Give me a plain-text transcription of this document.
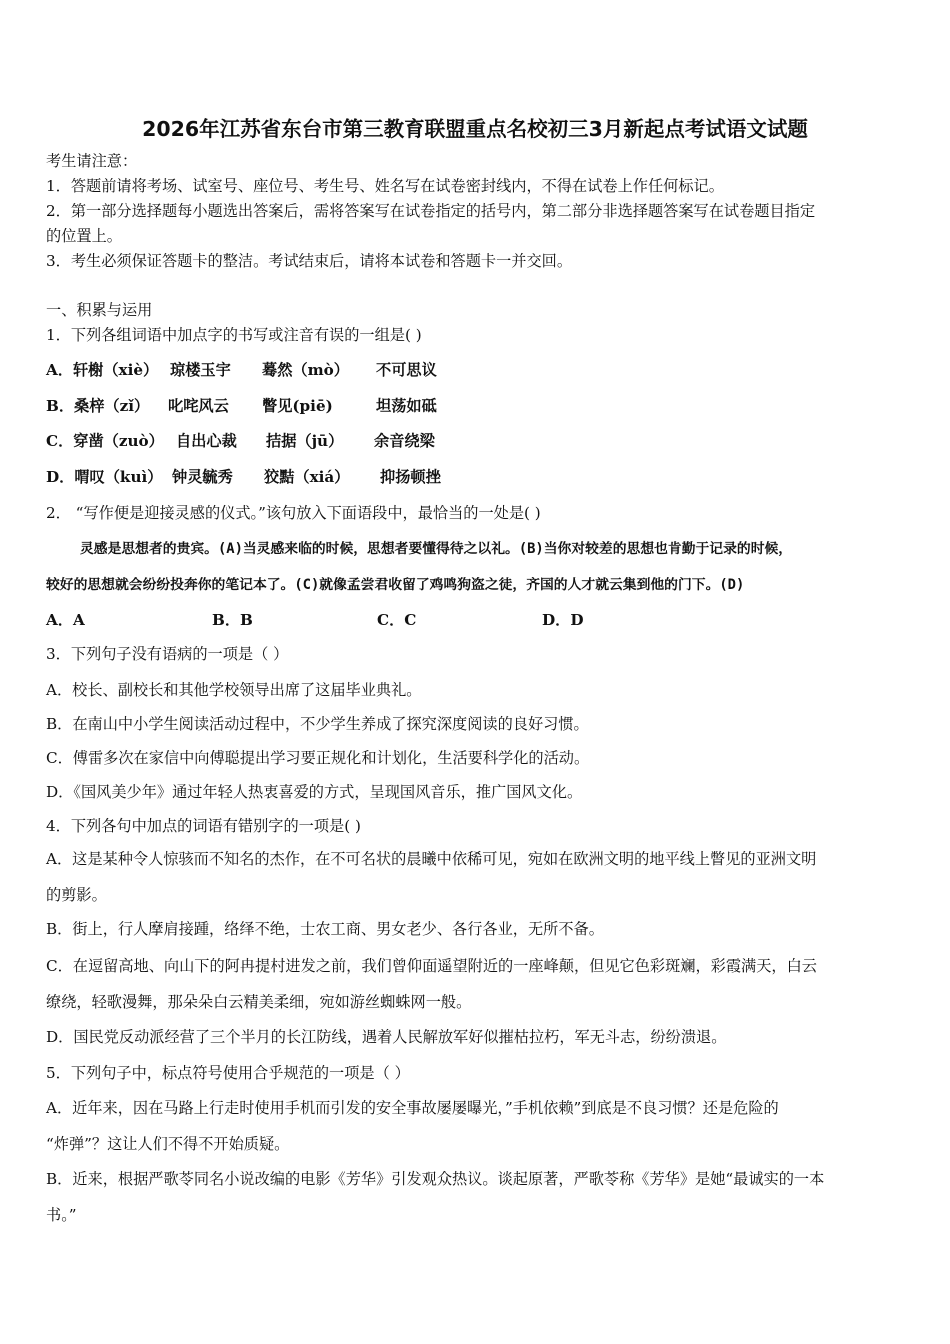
2026年江苏省东台市第三教育联盟重点名校初三3月新起点考试语文试题
考生请注意：
1．答题前请将考场、试室号、座位号、考生号、姓名写在试卷密封线内，不得在试卷上作任何标记。
2．第一部分选择题每小题选出答案后，需将答案写在试卷指定的括号内，第二部分非选择题答案写在试卷题目指定
的位置上。
3．考生必须保证答题卡的整洁。考试结束后，请将本试卷和答题卡一并交回。
一、积累与运用
1．下列各组词语中加点字的书写或注音有误的一组是( )
A．轩榭（xiè） 琼楼玉宇 蓦然（mò） 不可思议
B．桑梓（zǐ） 叱咤风云 瞥见(piē)	坦荡如砥
C．穿凿（zuò） 自出心裁 拮据（jū） 余音绕梁
D．喟叹（kuì） 钟灵毓秀 狡黠（xiá） 抑扬顿挫
2． “写作便是迎接灵感的仪式。”该句放入下面语段中，最恰当的一处是( )
灵感是思想者的贵宾。(A)当灵感来临的时候，思想者要懂得待之以礼。(B)当你对较差的思想也肯勤于记录的时候，
较好的思想就会纷纷投奔你的笔记本了。(C)就像孟尝君收留了鸡鸣狗盗之徒，齐国的人才就云集到他的门下。(D)
A．A	B．B	C．C	D．D
3．下列句子没有语病的一项是（ ）
A．校长、副校长和其他学校领导出席了这届毕业典礼。
B．在南山中小学生阅读活动过程中，不少学生养成了探究深度阅读的良好习惯。
C．傅雷多次在家信中向傅聪提出学习要正规化和计划化，生活要科学化的活动。
D．《国风美少年》通过年轻人热衷喜爱的方式，呈现国风音乐，推广国风文化。
4．下列各句中加点的词语有错别字的一项是( )
A．这是某种令人惊骇而不知名的杰作，在不可名状的晨曦中依稀可见，宛如在欧洲文明的地平线上瞥见的亚洲文明
的剪影。
B．街上，行人摩肩接踵，络绎不绝，士农工商、男女老少、各行各业，无所不备。
C．在逗留高地、向山下的阿冉提村进发之前，我们曾仰面遥望附近的一座峰颠，但见它色彩斑斓，彩霞满天，白云
缭绕，轻歌漫舞，那朵朵白云精美柔细，宛如游丝蜘蛛网一般。
D．国民党反动派经营了三个半月的长江防线，遇着人民解放军好似摧枯拉朽，军无斗志，纷纷溃退。
5．下列句子中，标点符号使用合乎规范的一项是（ ）
A．近年来，因在马路上行走时使用手机而引发的安全事故屡屡曝光，”手机依赖”到底是不良习惯？还是危险的
“炸弹”？这让人们不得不开始质疑。
B．近来，根据严歌苓同名小说改编的电影《芳华》引发观众热议。谈起原著，严歌苓称《芳华》是她“最诚实的一本
书。”
